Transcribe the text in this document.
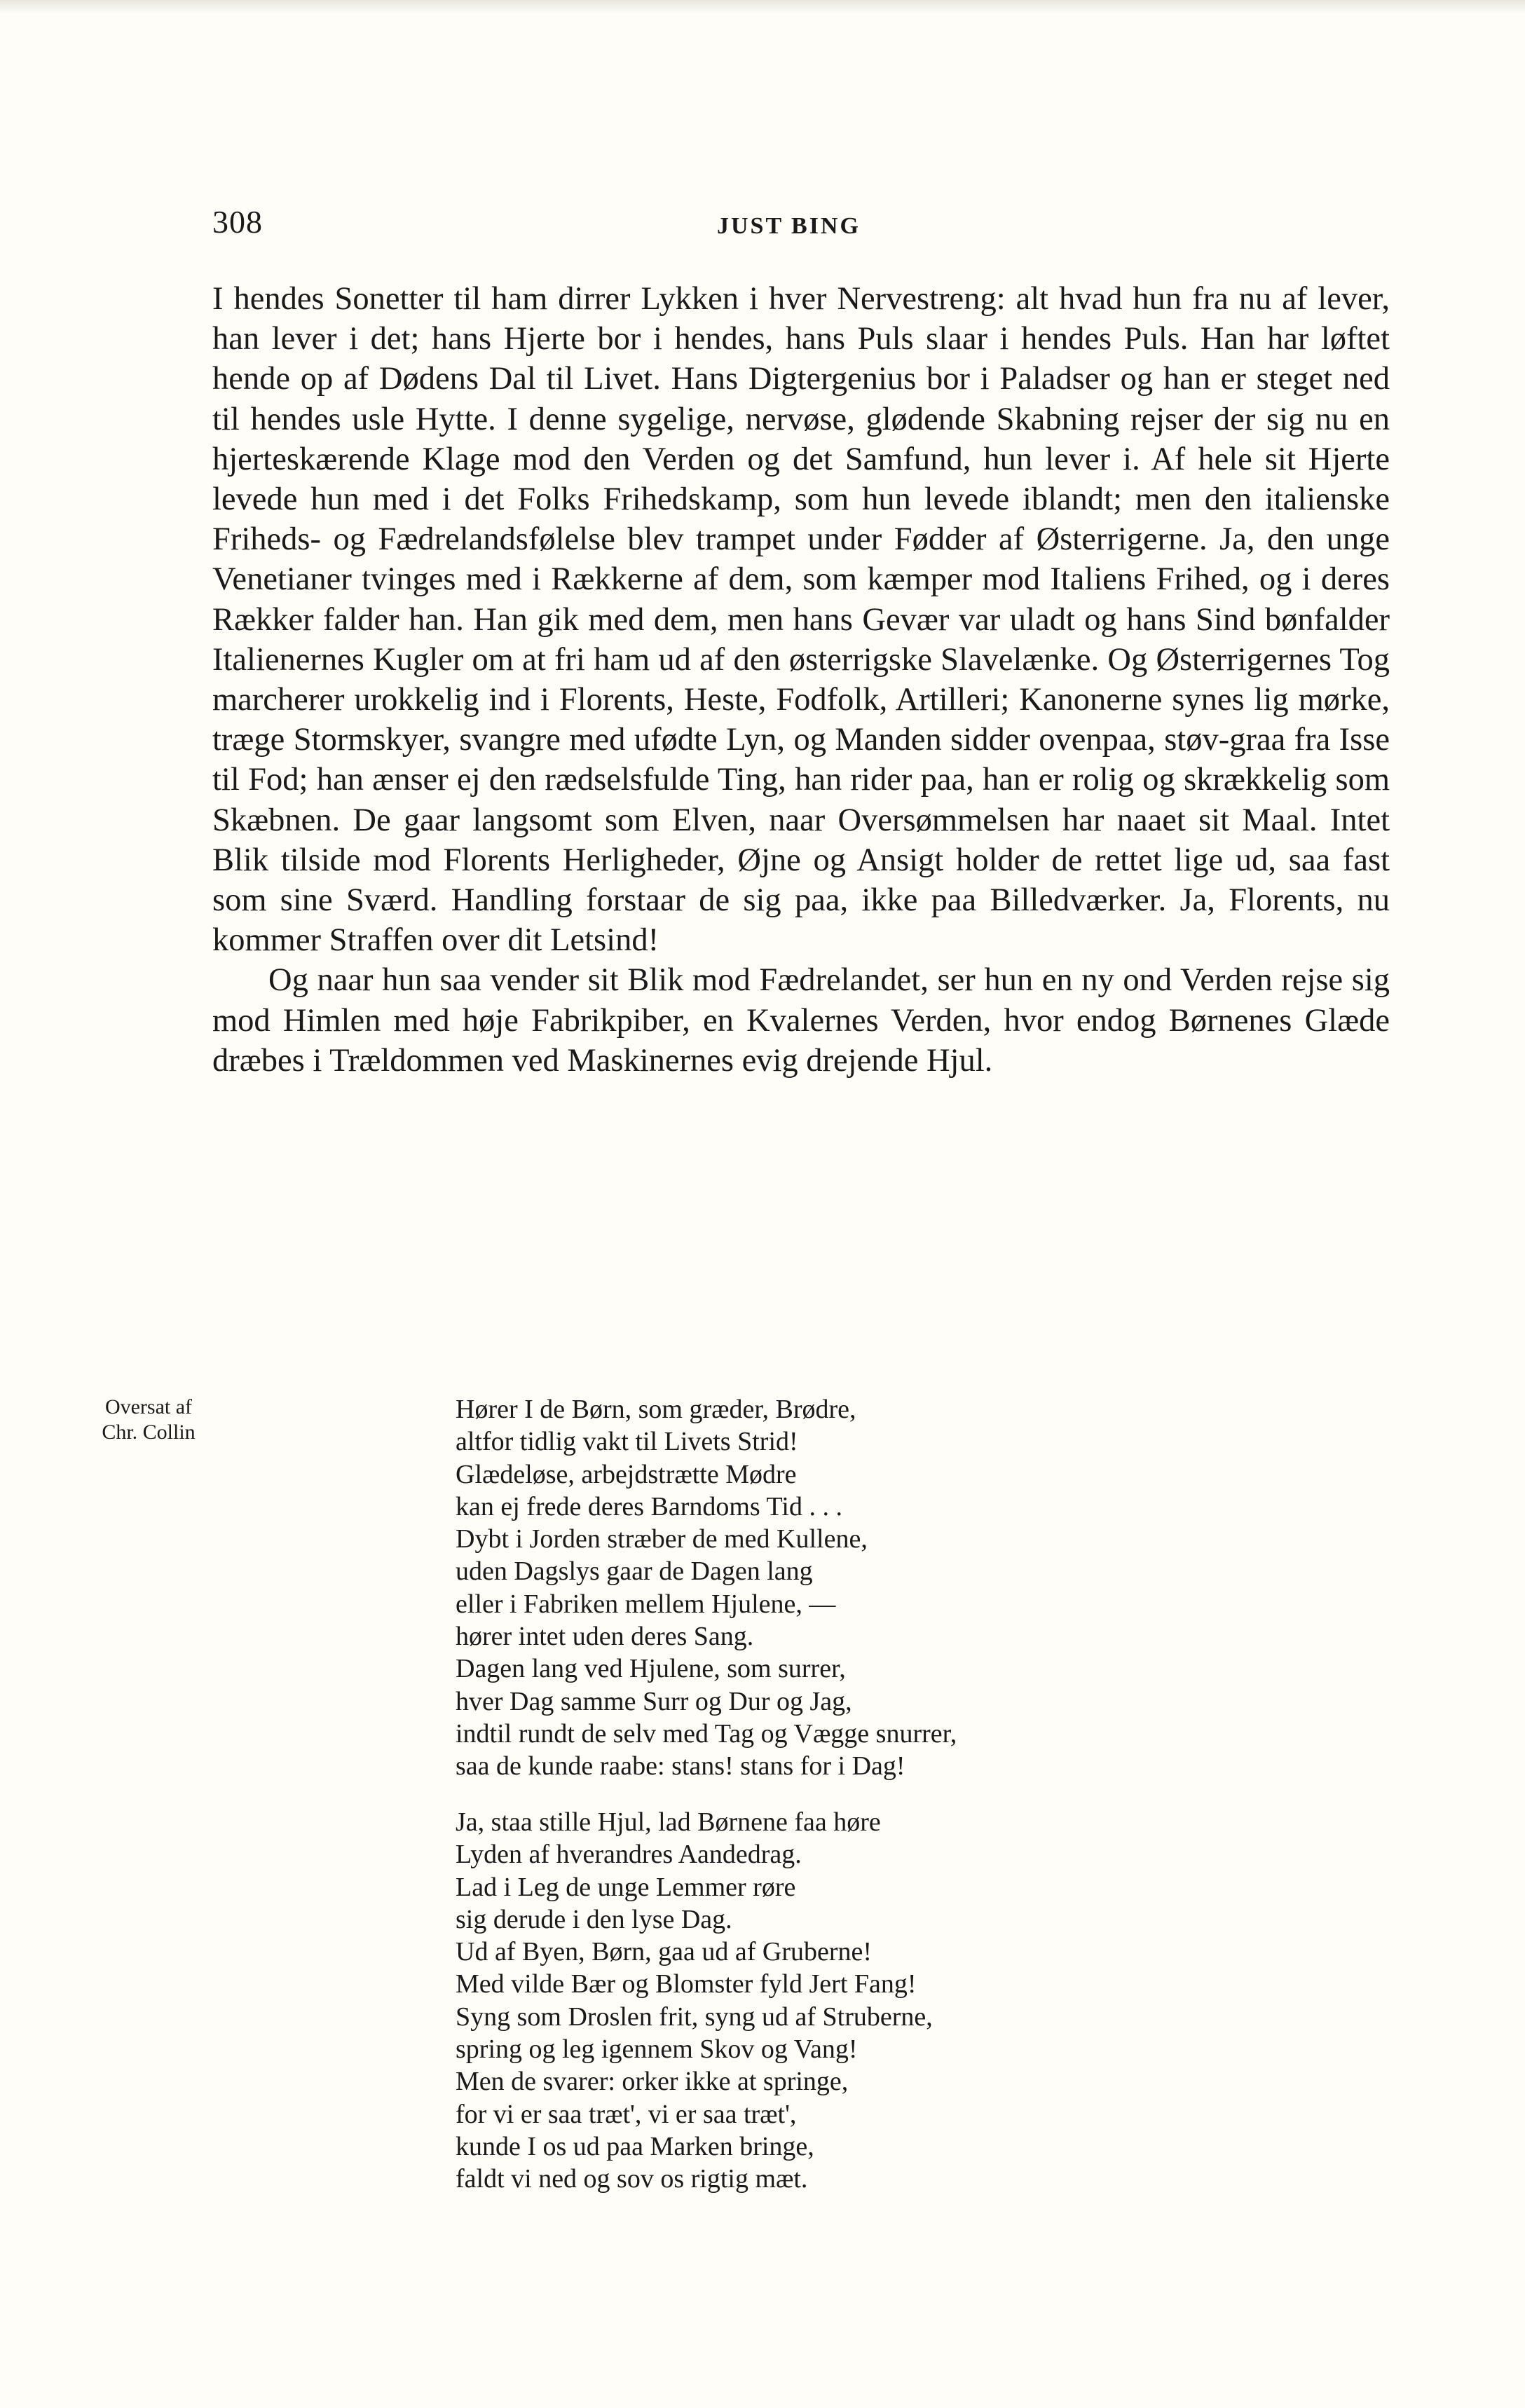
308	JUST BING

I hendes Sonetter til ham dirrer Lykken i hver Nervestreng: alt hvad hun fra nu af lever, han lever i det; hans Hjerte bor i hendes, hans Puls slaar i hendes Puls. Han har løftet hende op af Dødens Dal til Livet. Hans Digtergenius bor i Paladser og han er steget ned til hendes usle Hytte. I denne sygelige, nervøse, glødende Skabning rejser der sig nu en hjerteskærende Klage mod den Verden og det Samfund, hun lever i. Af hele sit Hjerte levede hun med i det Folks Frihedskamp, som hun levede iblandt; men den italienske Friheds- og Fædrelandsfølelse blev trampet under Fødder af Østerrigerne. Ja, den unge Venetianer tvinges med i Rækkerne af dem, som kæmper mod Italiens Frihed, og i deres Rækker falder han. Han gik med dem, men hans Gevær var uladt og hans Sind bønfalder Italienernes Kugler om at fri ham ud af den østerrigske Slavelænke. Og Østerrigernes Tog marcherer urokkelig ind i Florents, Heste, Fodfolk, Artilleri; Kanonerne synes lig mørke, træge Stormskyer, svangre med ufødte Lyn, og Manden sidder ovenpaa, støv-graa fra Isse til Fod; han ænser ej den rædselsfulde Ting, han rider paa, han er rolig og skrækkelig som Skæbnen. De gaar langsomt som Elven, naar Oversømmelsen har naaet sit Maal. Intet Blik tilside mod Florents Herligheder, Øjne og Ansigt holder de rettet lige ud, saa fast som sine Sværd. Handling forstaar de sig paa, ikke paa Billedværker. Ja, Florents, nu kommer Straffen over dit Letsind!

Og naar hun saa vender sit Blik mod Fædrelandet, ser hun en ny ond Verden rejse sig mod Himlen med høje Fabrikpiber, en Kvalernes Verden, hvor endog Børnenes Glæde dræbes i Trældommen ved Maskinernes evig drejende Hjul.

Oversat af
Chr. Collin
Hører I de Børn, som græder, Brødre,
altfor tidlig vakt til Livets Strid!
Glædeløse, arbejdstrætte Mødre
kan ej frede deres Barndoms Tid . . .
Dybt i Jorden stræber de med Kullene,
uden Dagslys gaar de Dagen lang
eller i Fabriken mellem Hjulene, —
hører intet uden deres Sang.
Dagen lang ved Hjulene, som surrer,
hver Dag samme Surr og Dur og Jag,
indtil rundt de selv med Tag og Vægge snurrer,
saa de kunde raabe: stans! stans for i Dag!
Ja, staa stille Hjul, lad Børnene faa høre
Lyden af hverandres Aandedrag.
Lad i Leg de unge Lemmer røre
sig derude i den lyse Dag.
Ud af Byen, Børn, gaa ud af Gruberne!
Med vilde Bær og Blomster fyld Jert Fang!
Syng som Droslen frit, syng ud af Struberne,
spring og leg igennem Skov og Vang!
Men de svarer: orker ikke at springe,
for vi er saa træt', vi er saa træt',
kunde I os ud paa Marken bringe,
faldt vi ned og sov os rigtig mæt.
